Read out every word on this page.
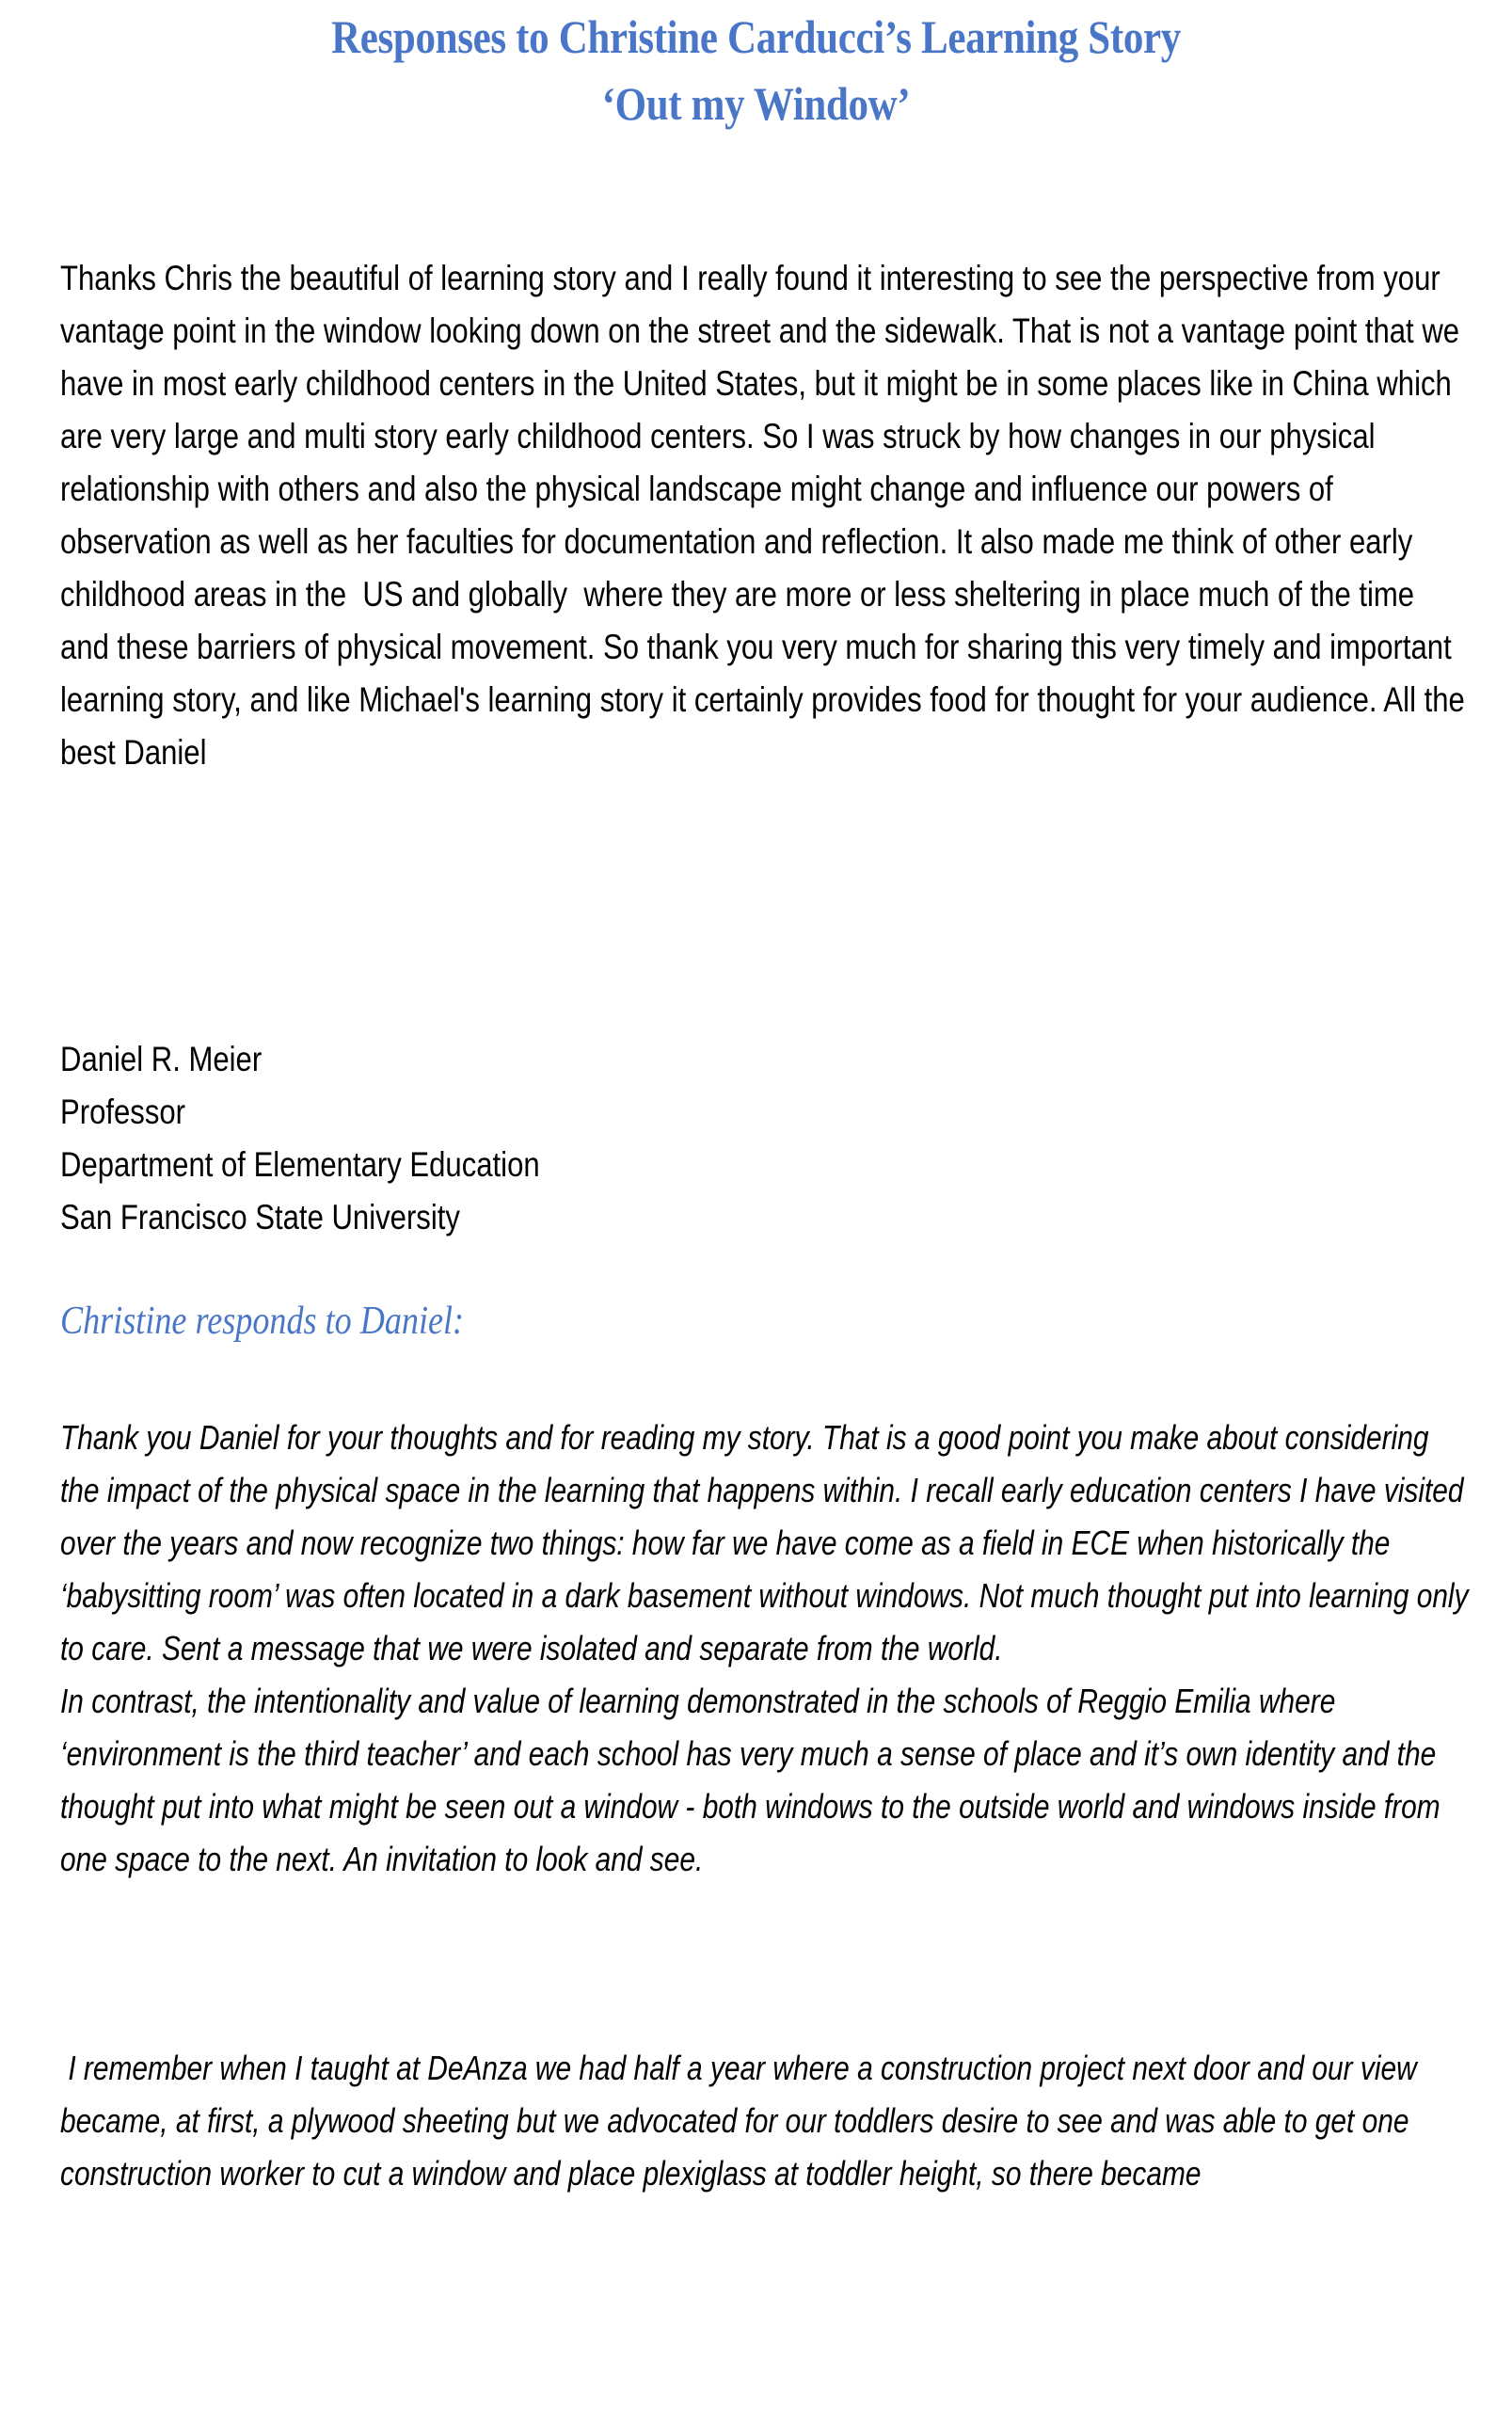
Responses to Christine Carducci’s Learning Story
‘Out my Window’

Thanks Chris the beautiful of learning story and I really found it interesting to see the perspective from your vantage point in the window looking down on the street and the sidewalk. That is not a vantage point that we have in most early childhood centers in the United States, but it might be in some places like in China which are very large and multi story early childhood centers. So I was struck by how changes in our physical relationship with others and also the physical landscape might change and influence our powers of observation as well as her faculties for documentation and reflection. It also made me think of other early childhood areas in the  US and globally  where they are more or less sheltering in place much of the time and these barriers of physical movement. So thank you very much for sharing this very timely and important learning story, and like Michael's learning story it certainly provides food for thought for your audience. All the best Daniel

Daniel R. Meier

Professor

Department of Elementary Education

San Francisco State University

Christine responds to Daniel:

Thank you Daniel for your thoughts and for reading my story. That is a good point you make about considering the impact of the physical space in the learning that happens within. I recall early education centers I have visited over the years and now recognize two things: how far we have come as a field in ECE when historically the ‘babysitting room’ was often located in a dark basement without windows. Not much thought put into learning only to care. Sent a message that we were isolated and separate from the world.

In contrast, the intentionality and value of learning demonstrated in the schools of Reggio Emilia where ‘environment is the third teacher’ and each school has very much a sense of place and it’s own identity and the thought put into what might be seen out a window - both windows to the outside world and windows inside from one space to the next. An invitation to look and see.

I remember when I taught at DeAnza we had half a year where a construction project next door and our view became, at first, a plywood sheeting but we advocated for our toddlers desire to see and was able to get one construction worker to cut a window and place plexiglass at toddler height, so there became
